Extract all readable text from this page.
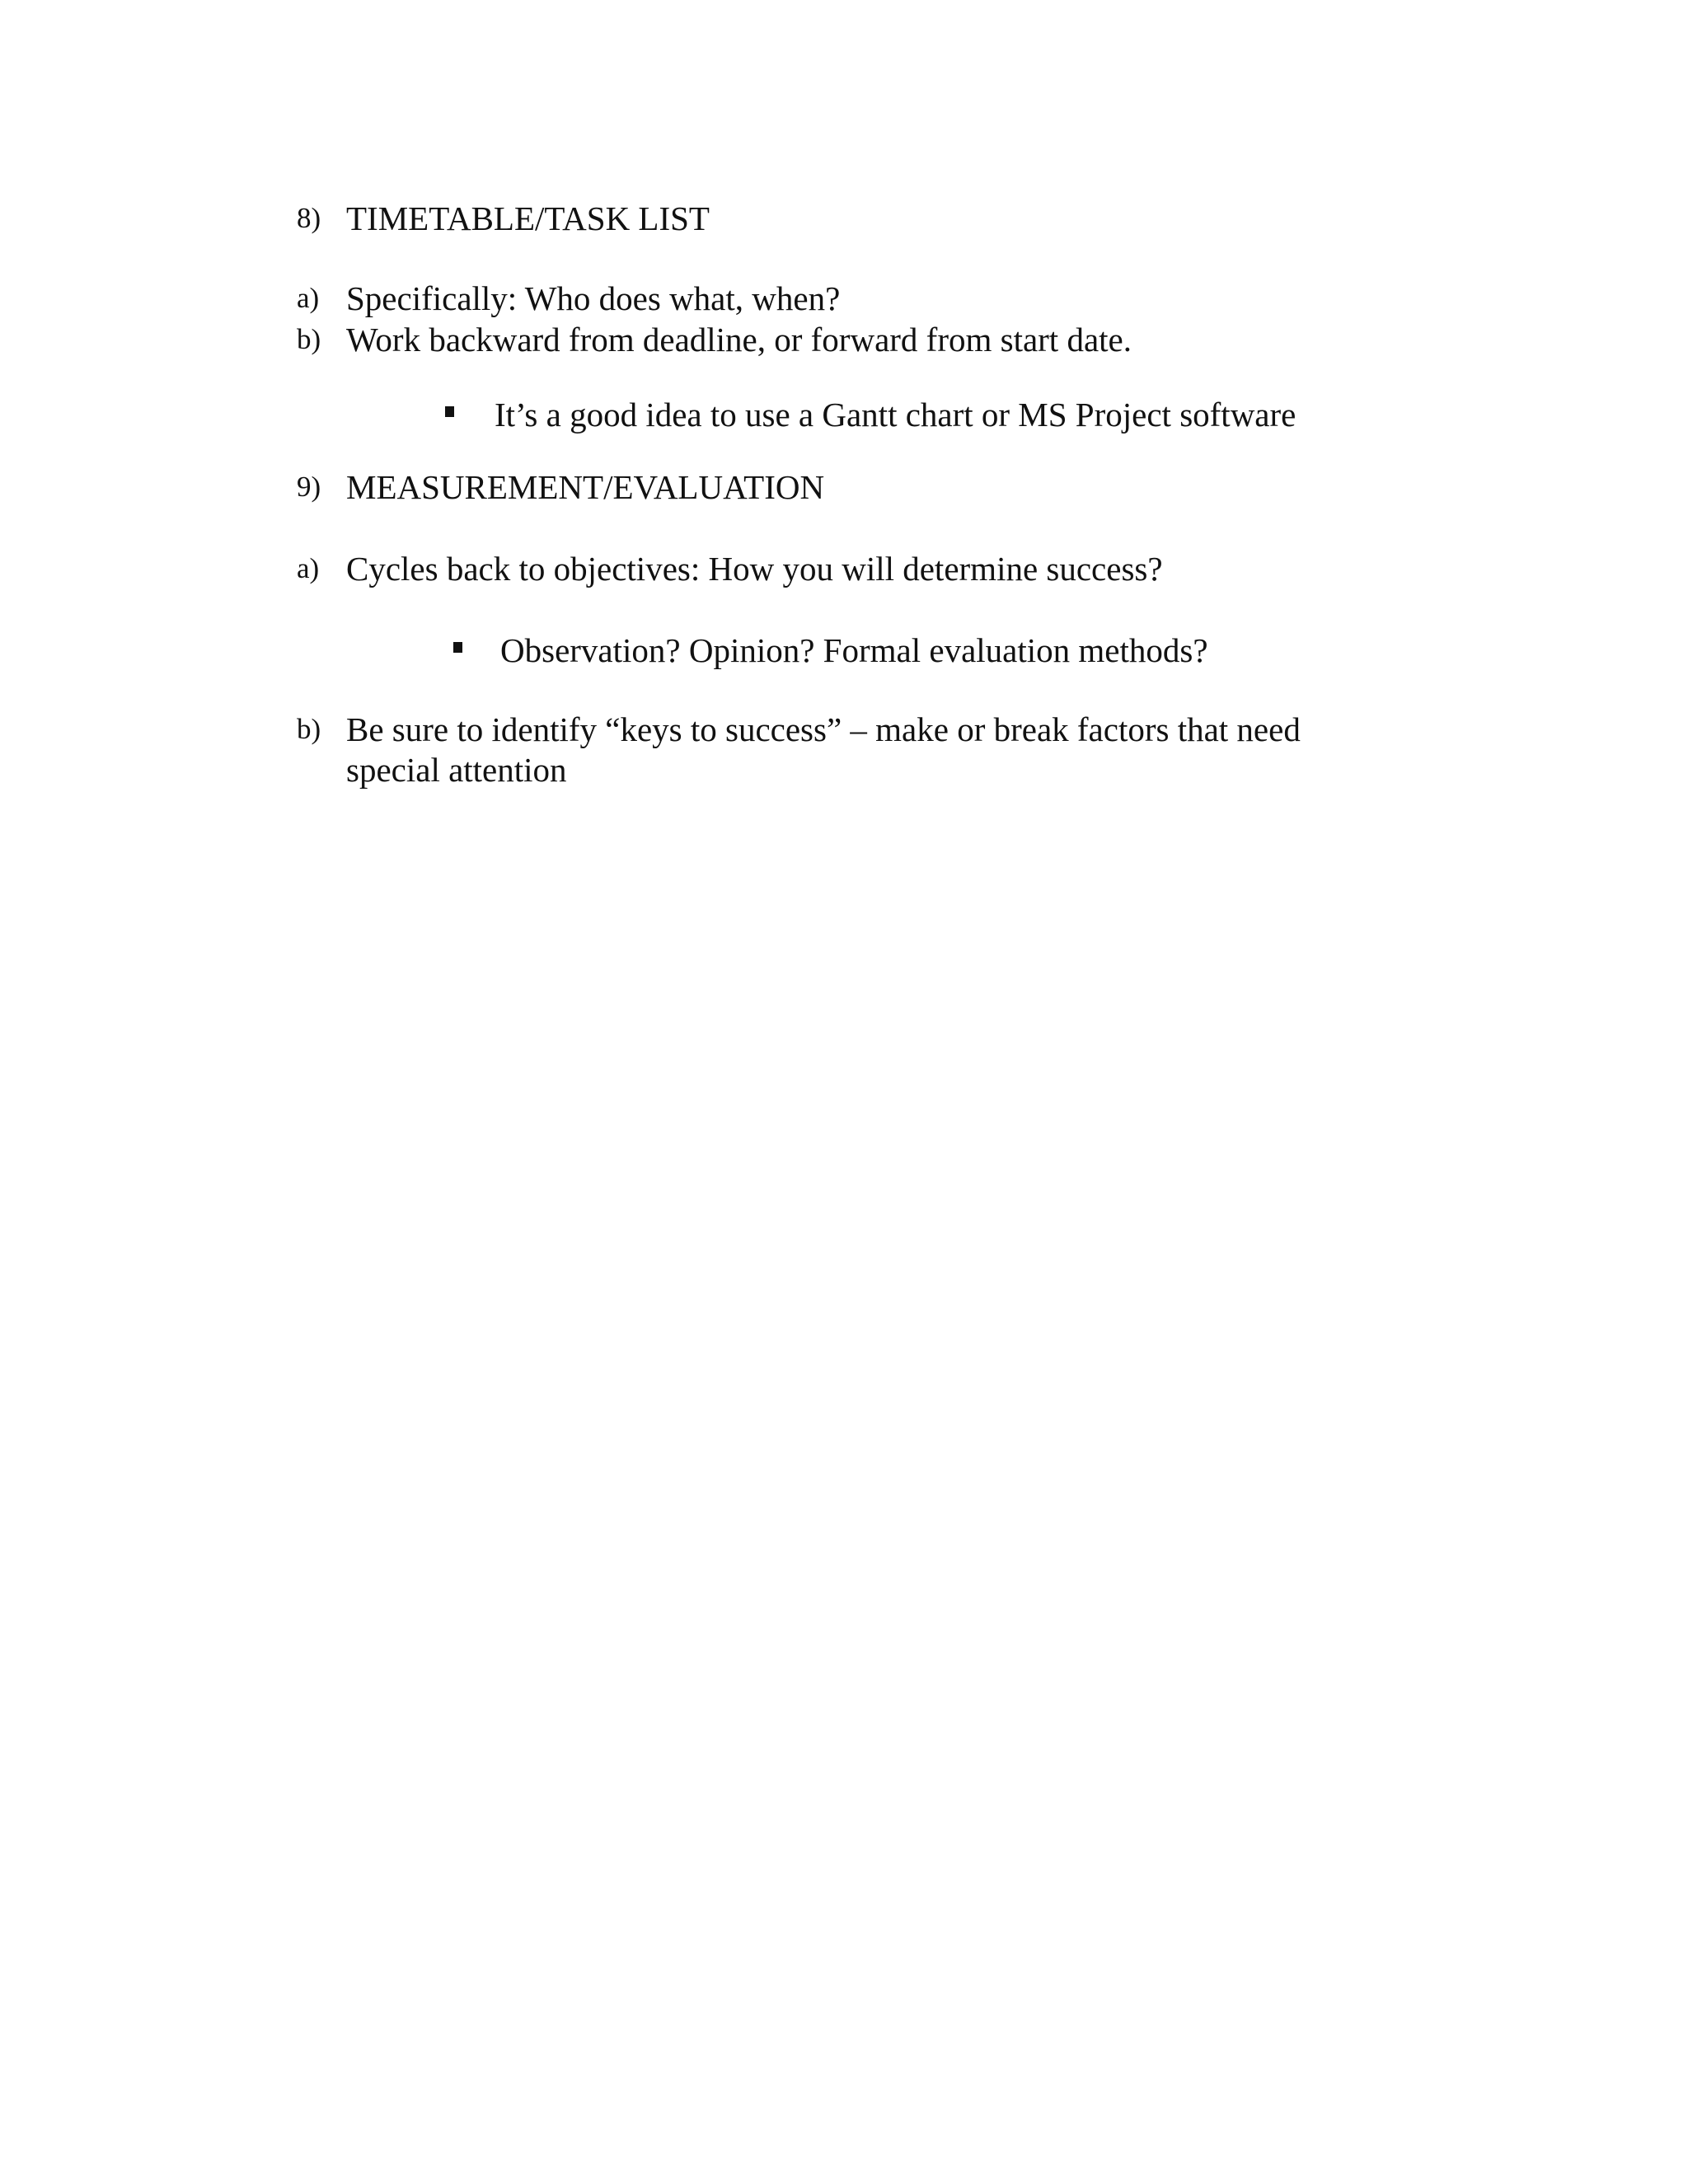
8) TIMETABLE/TASK LIST
a) Specifically: Who does what, when?
b) Work backward from deadline, or forward from start date.
It’s a good idea to use a Gantt chart or MS Project software
9) MEASUREMENT/EVALUATION
a) Cycles back to objectives: How you will determine success?
Observation? Opinion? Formal evaluation methods?
b) Be sure to identify “keys to success” – make or break factors that need
special attention
